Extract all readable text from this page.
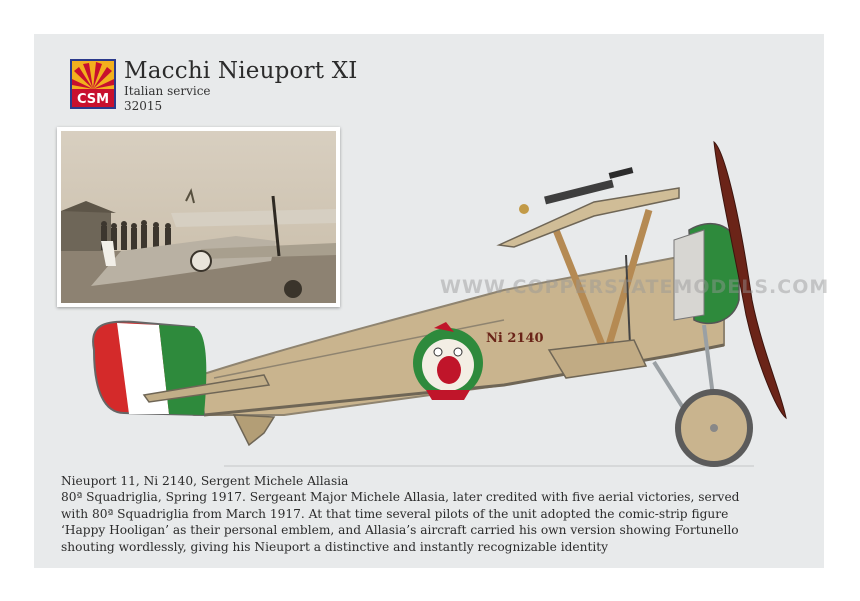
CSM
Macchi Nieuport XI
Italian service
32015
Ni 2140
WWW.COPPERSTATEMODELS.COM
Nieuport 11, Ni 2140, Sergent Michele Allasia
80ª Squadriglia, Spring 1917. Sergeant Major Michele Allasia, later credited with five aerial victories, served
with 80ª Squadriglia from March 1917. At that time several pilots of the unit adopted the comic-strip figure
‘Happy Hooligan’ as their personal emblem, and Allasia’s aircraft carried his own version showing Fortunello
shouting wordlessly, giving his Nieuport a distinctive and instantly recognizable identity
